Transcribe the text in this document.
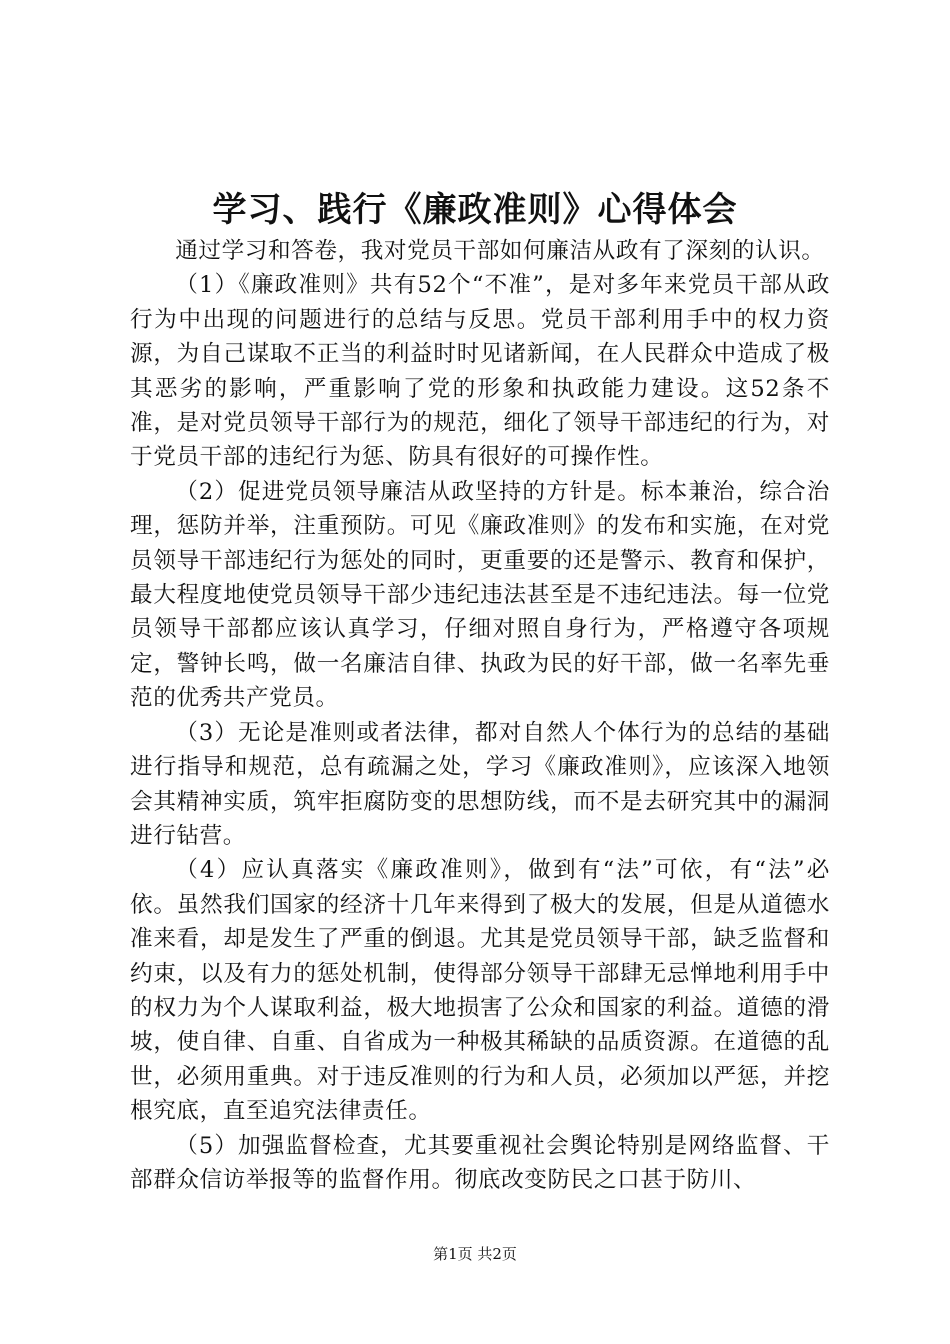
学习、践行《廉政准则》心得体会

通过学习和答卷，我对党员干部如何廉洁从政有了深刻的认识。

（1）《廉政准则》共有52个“不准”，是对多年来党员干部从政行为中出现的问题进行的总结与反思。党员干部利用手中的权力资源，为自己谋取不正当的利益时时见诸新闻，在人民群众中造成了极其恶劣的影响，严重影响了党的形象和执政能力建设。这52条不准，是对党员领导干部行为的规范，细化了领导干部违纪的行为，对于党员干部的违纪行为惩、防具有很好的可操作性。

（2）促进党员领导廉洁从政坚持的方针是。标本兼治，综合治理，惩防并举，注重预防。可见《廉政准则》的发布和实施，在对党员领导干部违纪行为惩处的同时，更重要的还是警示、教育和保护，最大程度地使党员领导干部少违纪违法甚至是不违纪违法。每一位党员领导干部都应该认真学习，仔细对照自身行为，严格遵守各项规定，警钟长鸣，做一名廉洁自律、执政为民的好干部，做一名率先垂范的优秀共产党员。

（3）无论是准则或者法律，都对自然人个体行为的总结的基础进行指导和规范，总有疏漏之处，学习《廉政准则》，应该深入地领会其精神实质，筑牢拒腐防变的思想防线，而不是去研究其中的漏洞进行钻营。

（4）应认真落实《廉政准则》，做到有“法”可依，有“法”必依。虽然我们国家的经济十几年来得到了极大的发展，但是从道德水准来看，却是发生了严重的倒退。尤其是党员领导干部，缺乏监督和约束，以及有力的惩处机制，使得部分领导干部肆无忌惮地利用手中的权力为个人谋取利益，极大地损害了公众和国家的利益。道德的滑坡，使自律、自重、自省成为一种极其稀缺的品质资源。在道德的乱世，必须用重典。对于违反准则的行为和人员，必须加以严惩，并挖根究底，直至追究法律责任。

（5）加强监督检查，尤其要重视社会舆论特别是网络监督、干部群众信访举报等的监督作用。彻底改变防民之口甚于防川、

第1页 共2页
